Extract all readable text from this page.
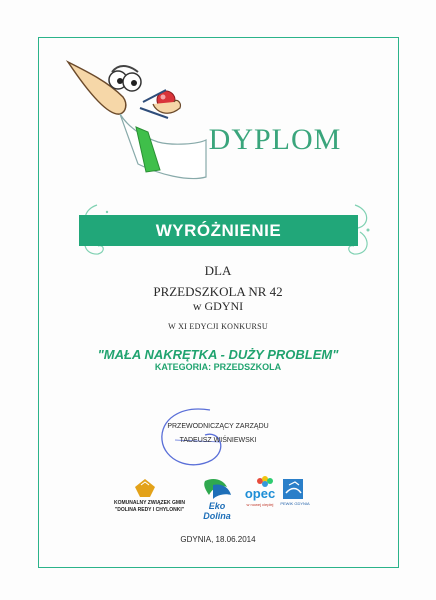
DYPLOM
WYRÓŻNIENIE
DLA
PRZEDSZKOLA NR 42
w GDYNI
W XI EDYCJI KONKURSU
"MAŁA NAKRĘTKA - DUŻY PROBLEM"
KATEGORIA: PRZEDSZKOLA
PRZEWODNICZĄCY ZARZĄDU
TADEUSZ WIŚNIEWSKI
KOMUNALNY ZWIĄZEK GMIN
"DOLINA REDY I CHYLONKI"	Eko Dolina
opec
w nowej ciepłej	PEWIK GDYNIA
GDYNIA, 18.06.2014
